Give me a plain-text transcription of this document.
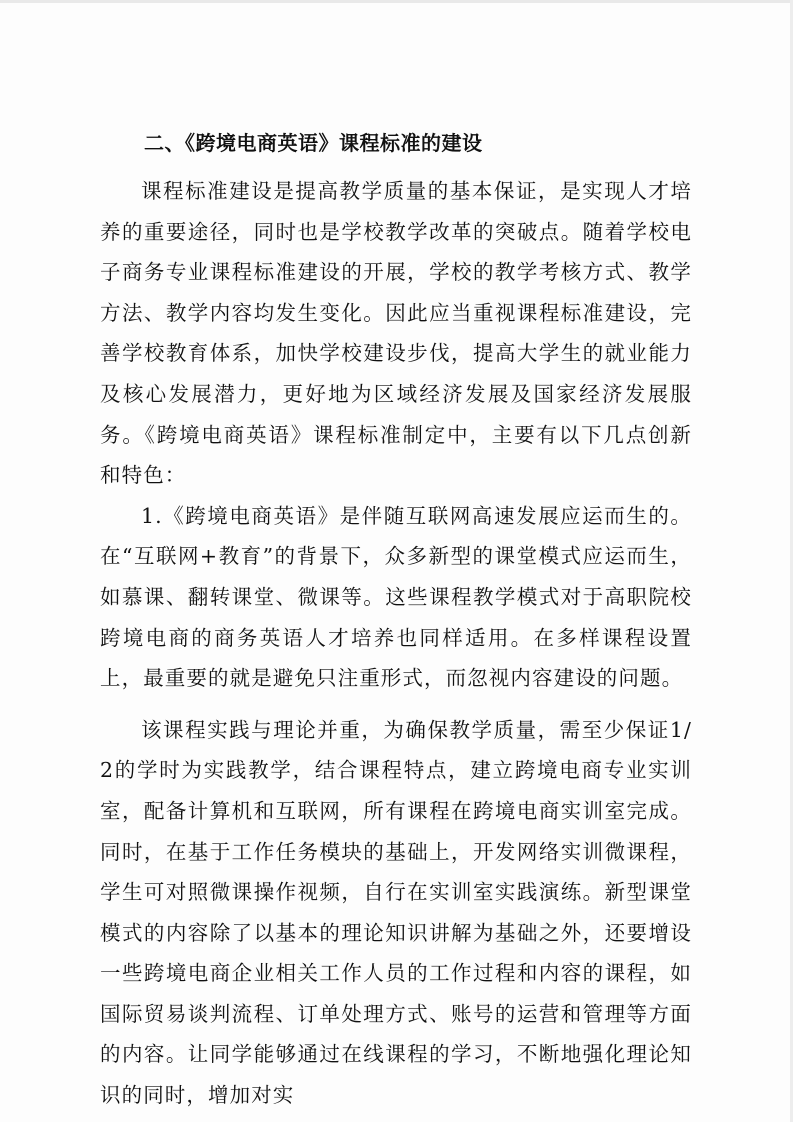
二、《跨境电商英语》课程标准的建设

课程标准建设是提高教学质量的基本保证，是实现人才培养的重要途径，同时也是学校教学改革的突破点。随着学校电子商务专业课程标准建设的开展，学校的教学考核方式、教学方法、教学内容均发生变化。因此应当重视课程标准建设，完善学校教育体系，加快学校建设步伐，提高大学生的就业能力及核心发展潜力，更好地为区域经济发展及国家经济发展服务。《跨境电商英语》课程标准制定中，主要有以下几点创新和特色：

1.《跨境电商英语》是伴随互联网高速发展应运而生的。在“互联网+教育”的背景下，众多新型的课堂模式应运而生，如慕课、翻转课堂、微课等。这些课程教学模式对于高职院校跨境电商的商务英语人才培养也同样适用。在多样课程设置上，最重要的就是避免只注重形式，而忽视内容建设的问题。

该课程实践与理论并重，为确保教学质量，需至少保证1/2的学时为实践教学，结合课程特点，建立跨境电商专业实训室，配备计算机和互联网，所有课程在跨境电商实训室完成。同时，在基于工作任务模块的基础上，开发网络实训微课程，学生可对照微课操作视频，自行在实训室实践演练。新型课堂模式的内容除了以基本的理论知识讲解为基础之外，还要增设一些跨境电商企业相关工作人员的工作过程和内容的课程，如国际贸易谈判流程、订单处理方式、账号的运营和管理等方面的内容。让同学能够通过在线课程的学习，不断地强化理论知识的同时，增加对实
